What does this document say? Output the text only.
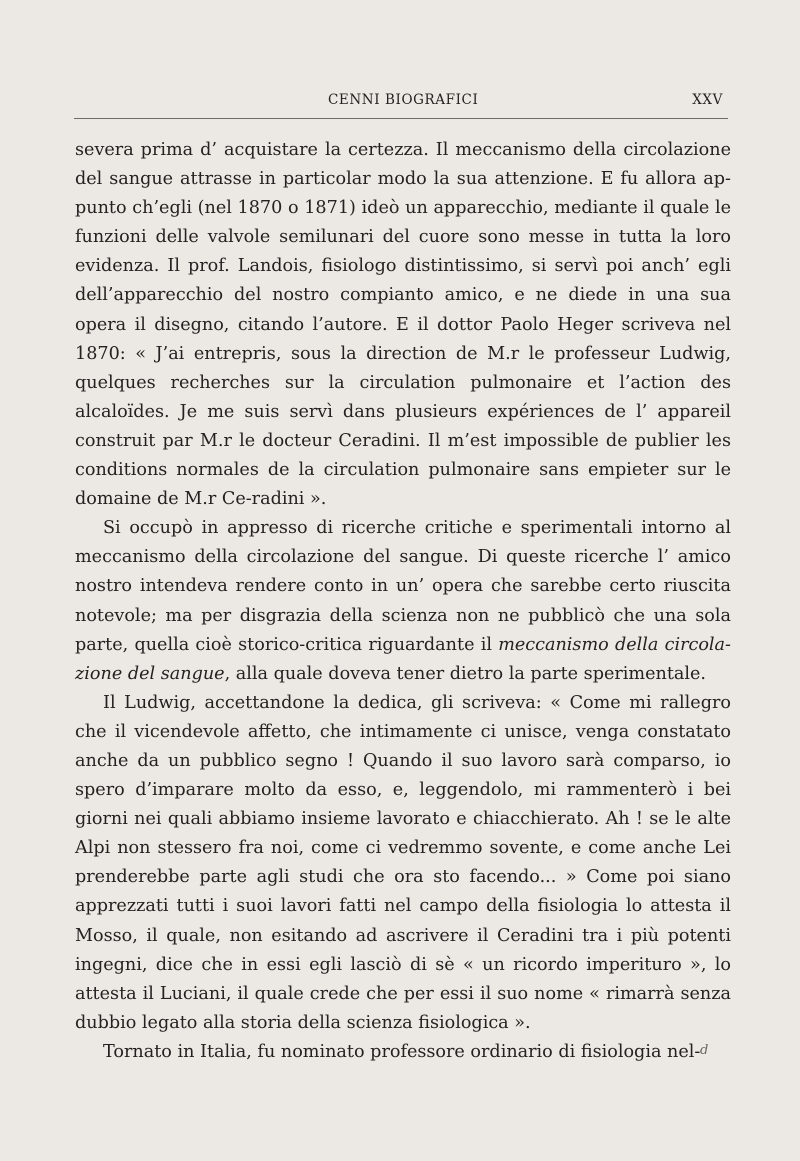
CENNI BIOGRAFICI	XXV

severa prima d’ acquistare la certezza. Il meccanismo della circolazione del sangue attrasse in particolar modo la sua attenzione. E fu allora ap-punto ch’egli (nel 1870 o 1871) ideò un apparecchio, mediante il quale le funzioni delle valvole semilunari del cuore sono messe in tutta la loro evidenza. Il prof. Landois, fisiologo distintissimo, si servì poi anch’ egli dell’apparecchio del nostro compianto amico, e ne diede in una sua opera il disegno, citando l’autore. E il dottor Paolo Heger scriveva nel 1870: « J’ai entrepris, sous la direction de M.r le professeur Ludwig, quelques recherches sur la circulation pulmonaire et l’action des alcaloïdes. Je me suis servì dans plusieurs expériences de l’ appareil construit par M.r le docteur Ceradini. Il m’est impossible de publier les conditions normales de la circulation pulmonaire sans empieter sur le domaine de M.r Ce-radini ».

Si occupò in appresso di ricerche critiche e sperimentali intorno al meccanismo della circolazione del sangue. Di queste ricerche l’ amico nostro intendeva rendere conto in un’ opera che sarebbe certo riuscita notevole; ma per disgrazia della scienza non ne pubblicò che una sola parte, quella cioè storico-critica riguardante il meccanismo della circola-zione del sangue, alla quale doveva tener dietro la parte sperimentale.

Il Ludwig, accettandone la dedica, gli scriveva: « Come mi rallegro che il vicendevole affetto, che intimamente ci unisce, venga constatato anche da un pubblico segno ! Quando il suo lavoro sarà comparso, io spero d’imparare molto da esso, e, leggendolo, mi rammenterò i bei giorni nei quali abbiamo insieme lavorato e chiacchierato. Ah ! se le alte Alpi non stessero fra noi, come ci vedremmo sovente, e come anche Lei prenderebbe parte agli studi che ora sto facendo... » Come poi siano apprezzati tutti i suoi lavori fatti nel campo della fisiologia lo attesta il Mosso, il quale, non esitando ad ascrivere il Ceradini tra i più potenti ingegni, dice che in essi egli lasciò di sè « un ricordo imperituro », lo attesta il Luciani, il quale crede che per essi il suo nome « rimarrà senza dubbio legato alla storia della scienza fisiologica ».

Tornato in Italia, fu nominato professore ordinario di fisiologia nel- d
